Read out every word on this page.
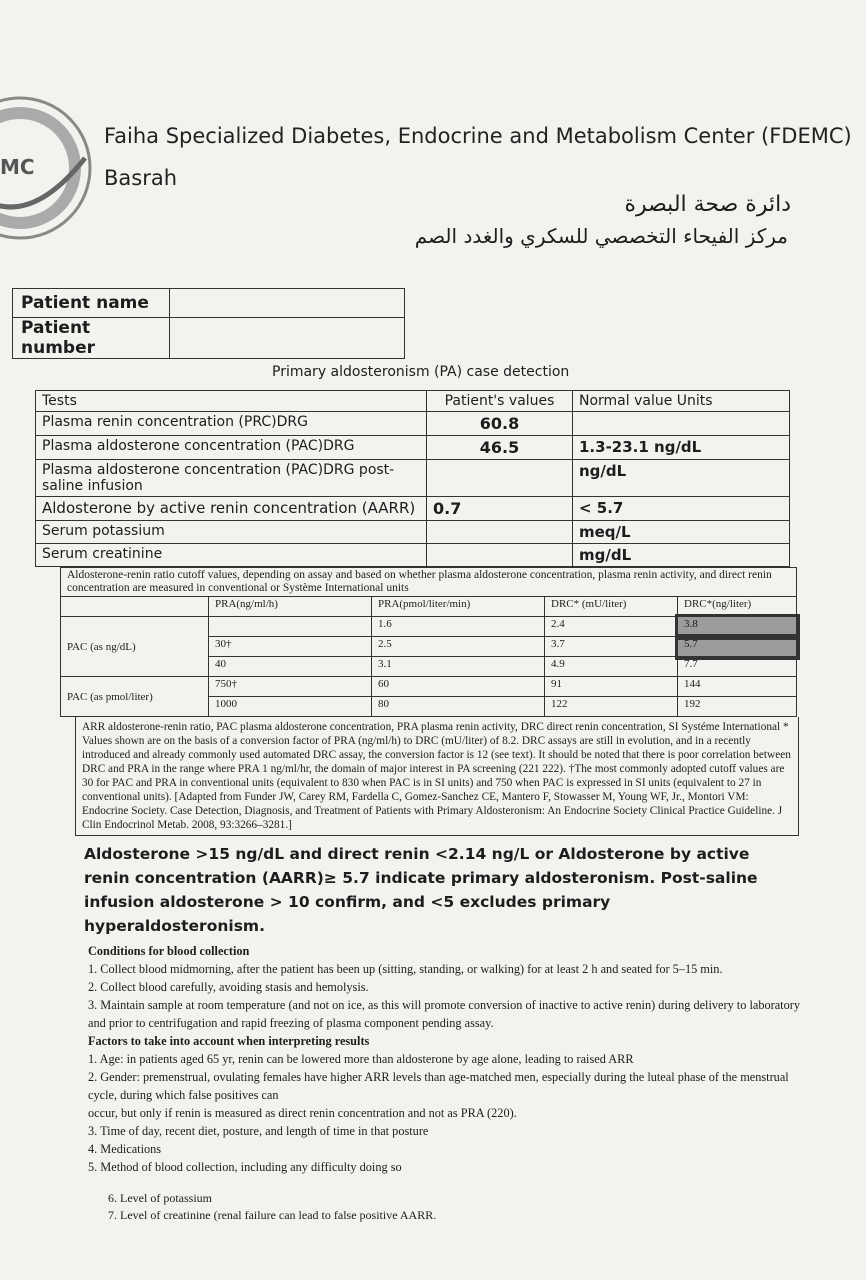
MC
Faiha Specialized Diabetes, Endocrine and Metabolism Center (FDEMC)
Basrah
دائرة صحة البصرة
مركز الفيحاء التخصصي للسكري والغدد الصم
Patient name	
Patient number	
Primary aldosteronism (PA) case detection
Tests	Patient's values	Normal value Units
Plasma renin concentration (PRC)DRG	60.8	
Plasma aldosterone concentration (PAC)DRG	46.5	1.3-23.1 ng/dL
Plasma aldosterone concentration (PAC)DRG post-saline infusion		ng/dL
Aldosterone by active renin concentration (AARR)	0.7	< 5.7
Serum potassium		meq/L
Serum creatinine		mg/dL
Aldosterone-renin ratio cutoff values, depending on assay and based on whether plasma aldosterone concentration, plasma renin activity, and direct renin concentration are measured in conventional or Système International units				
	PRA(ng/ml/h)	PRA(pmol/liter/min)	DRC* (mU/liter)	DRC*(ng/liter)
PAC (as ng/dL)		1.6	2.4	3.8
	30†	2.5	3.7	5.7
	40	3.1	4.9	7.7
PAC (as pmol/liter)	750†	60	91	144
	1000	80	122	192
ARR aldosterone-renin ratio, PAC plasma aldosterone concentration, PRA plasma renin activity, DRC direct renin concentration, SI Systéme International * Values shown are on the basis of a conversion factor of PRA (ng/ml/h) to DRC (mU/liter) of 8.2. DRC assays are still in evolution, and in a recently introduced and already commonly used automated DRC assay, the conversion factor is 12 (see text). It should be noted that there is poor correlation between DRC and PRA in the range where PRA 1 ng/ml/hr, the domain of major interest in PA screening (221 222). †The most commonly adopted cutoff values are 30 for PAC and PRA in conventional units (equivalent to 830 when PAC is in SI units) and 750 when PAC is expressed in SI units (equivalent to 27 in conventional units). [Adapted from Funder JW, Carey RM, Fardella C, Gomez-Sanchez CE, Mantero F, Stowasser M, Young WF, Jr., Montori VM: Endocrine Society. Case Detection, Diagnosis, and Treatment of Patients with Primary Aldosteronism: An Endocrine Society Clinical Practice Guideline. J Clin Endocrinol Metab. 2008, 93:3266–3281.]
Aldosterone >15 ng/dL and direct renin <2.14 ng/L or Aldosterone by active renin concentration (AARR)≥ 5.7 indicate primary aldosteronism. Post-saline infusion aldosterone > 10 confirm, and <5 excludes primary hyperaldosteronism.
Conditions for blood collection
1. Collect blood midmorning, after the patient has been up (sitting, standing, or walking) for at least 2 h and seated for 5–15 min.
2. Collect blood carefully, avoiding stasis and hemolysis.
3. Maintain sample at room temperature (and not on ice, as this will promote conversion of inactive to active renin) during delivery to laboratory and prior to centrifugation and rapid freezing of plasma component pending assay.
Factors to take into account when interpreting results
1. Age: in patients aged 65 yr, renin can be lowered more than aldosterone by age alone, leading to raised ARR
2. Gender: premenstrual, ovulating females have higher ARR levels than age-matched men, especially during the luteal phase of the menstrual cycle, during which false positives can
occur, but only if renin is measured as direct renin concentration and not as PRA (220).
3. Time of day, recent diet, posture, and length of time in that posture
4. Medications
5. Method of blood collection, including any difficulty doing so
6. Level of potassium
7. Level of creatinine (renal failure can lead to false positive AARR.
